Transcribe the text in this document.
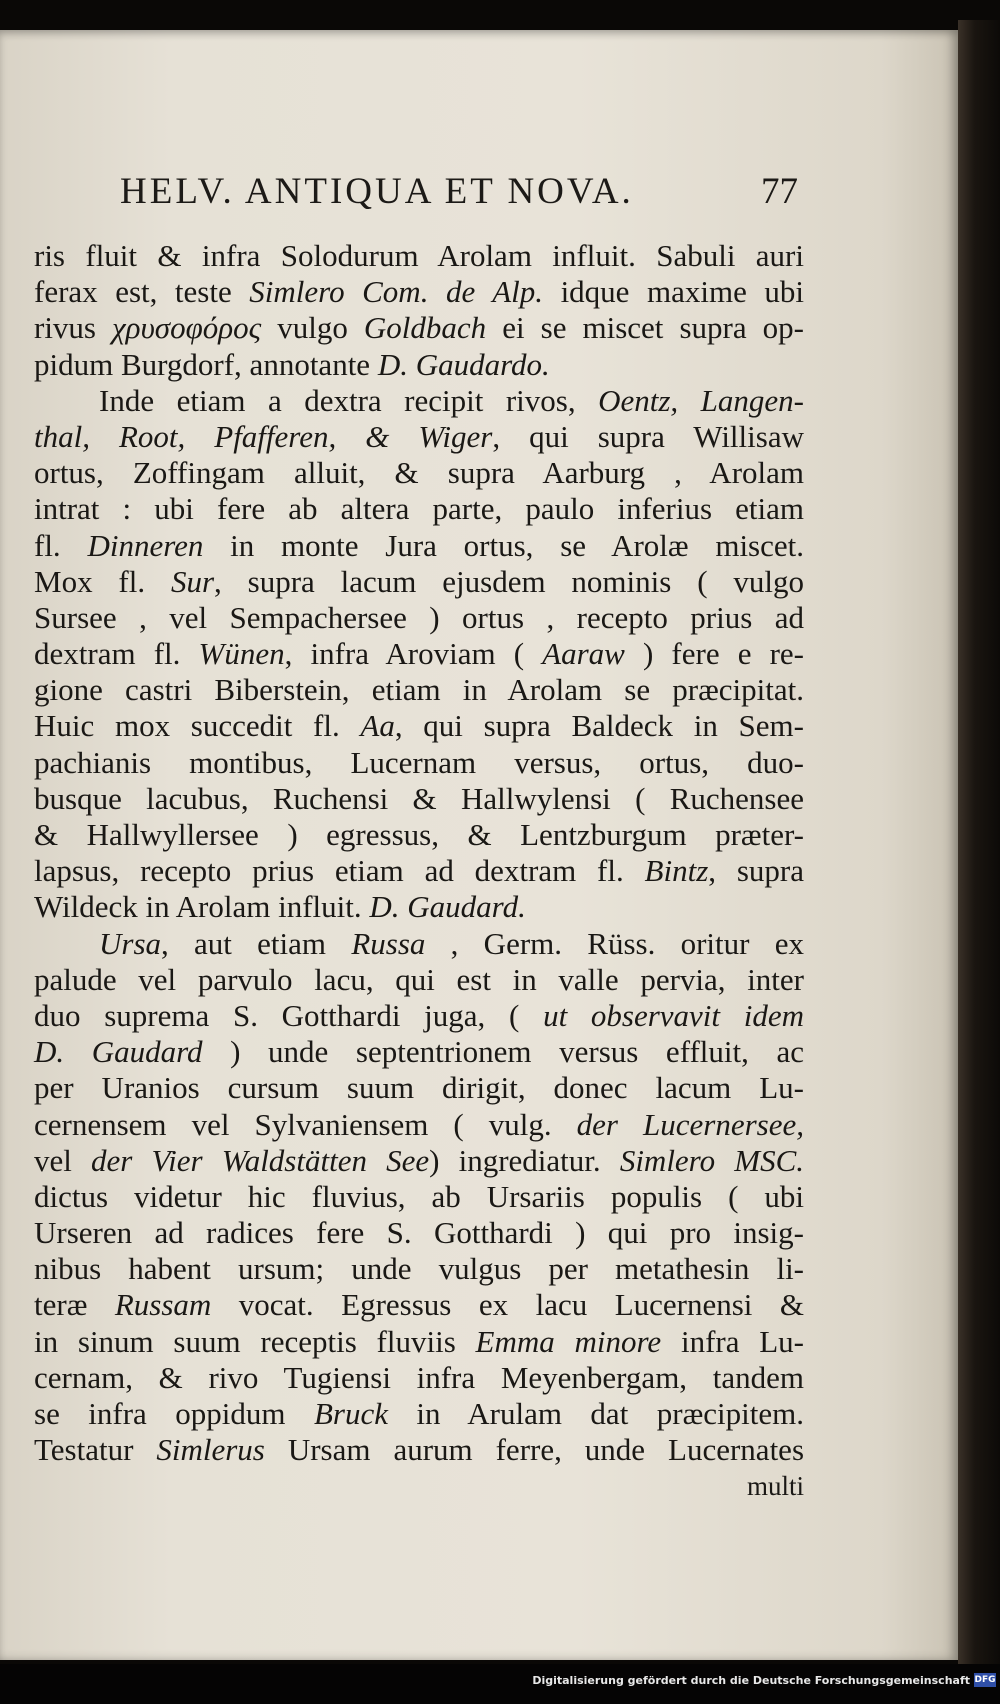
HELV. ANTIQUA ET NOVA.	77
ris fluit & infra Solodurum Arolam influit. Sabuli auri
ferax est, teste Simlero Com. de Alp. idque maxime ubi
rivus χρυσοφόρος vulgo Goldbach ei se miscet supra op-
pidum Burgdorf, annotante D. Gaudardo.
Inde etiam a dextra recipit rivos, Oentz, Langen-
thal, Root, Pfafferen, & Wiger, qui supra Willisaw
ortus, Zoffingam alluit, & supra Aarburg , Arolam
intrat : ubi fere ab altera parte, paulo inferius etiam
fl. Dinneren in monte Jura ortus, se Arolæ miscet.
Mox fl. Sur, supra lacum ejusdem nominis ( vulgo
Sursee , vel Sempachersee ) ortus , recepto prius ad
dextram fl. Wünen, infra Aroviam ( Aaraw ) fere e re-
gione castri Biberstein, etiam in Arolam se præcipitat.
Huic mox succedit fl. Aa, qui supra Baldeck in Sem-
pachianis montibus, Lucernam versus, ortus, duo-
busque lacubus, Ruchensi & Hallwylensi ( Ruchensee
& Hallwyllersee ) egressus, & Lentzburgum præter-
lapsus, recepto prius etiam ad dextram fl. Bintz, supra
Wildeck in Arolam influit. D. Gaudard.
Ursa, aut etiam Russa , Germ. Rüss. oritur ex
palude vel parvulo lacu, qui est in valle pervia, inter
duo suprema S. Gotthardi juga, ( ut observavit idem
D. Gaudard ) unde septentrionem versus effluit, ac
per Uranios cursum suum dirigit, donec lacum Lu-
cernensem vel Sylvaniensem ( vulg. der Lucernersee,
vel der Vier Waldstätten See) ingrediatur. Simlero MSC.
dictus videtur hic fluvius, ab Ursariis populis ( ubi
Urseren ad radices fere S. Gotthardi ) qui pro insig-
nibus habent ursum; unde vulgus per metathesin li-
teræ Russam vocat. Egressus ex lacu Lucernensi &
in sinum suum receptis fluviis Emma minore infra Lu-
cernam, & rivo Tugiensi infra Meyenbergam, tandem
se infra oppidum Bruck in Arulam dat præcipitem.
Testatur Simlerus Ursam aurum ferre, unde Lucernates
multi
Digitalisierung gefördert durch die Deutsche Forschungsgemeinschaft DFG
